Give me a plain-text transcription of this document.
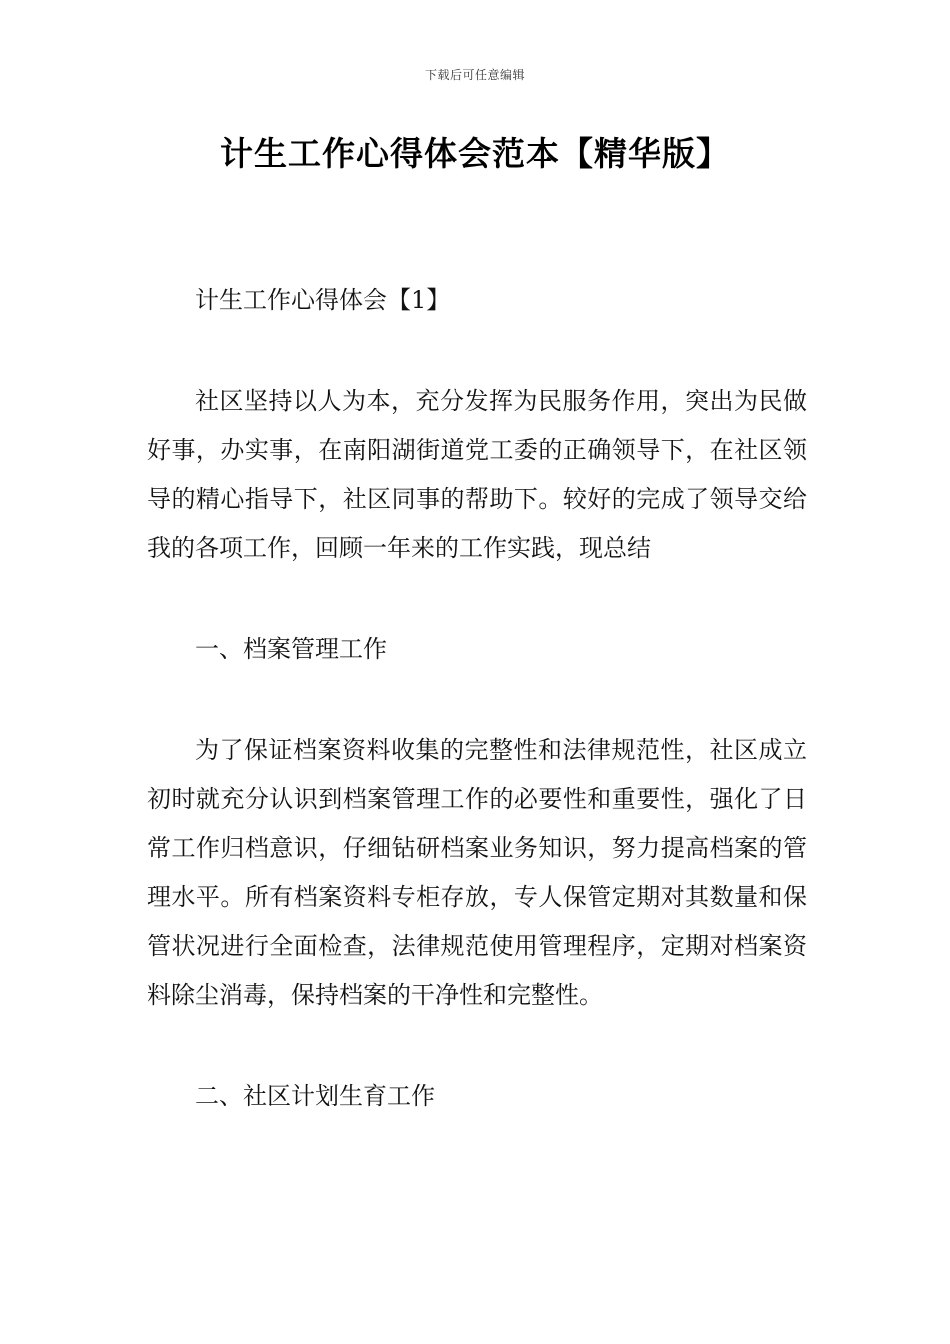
下载后可任意编辑
计生工作心得体会范本【精华版】

计生工作心得体会【1】

社区坚持以人为本，充分发挥为民服务作用，突出为民做好事，办实事，在南阳湖街道党工委的正确领导下，在社区领导的精心指导下，社区同事的帮助下。较好的完成了领导交给我的各项工作，回顾一年来的工作实践，现总结

一、档案管理工作

为了保证档案资料收集的完整性和法律规范性，社区成立初时就充分认识到档案管理工作的必要性和重要性，强化了日常工作归档意识，仔细钻研档案业务知识，努力提高档案的管理水平。所有档案资料专柜存放，专人保管定期对其数量和保管状况进行全面检查，法律规范使用管理程序，定期对档案资料除尘消毒，保持档案的干净性和完整性。

二、社区计划生育工作
